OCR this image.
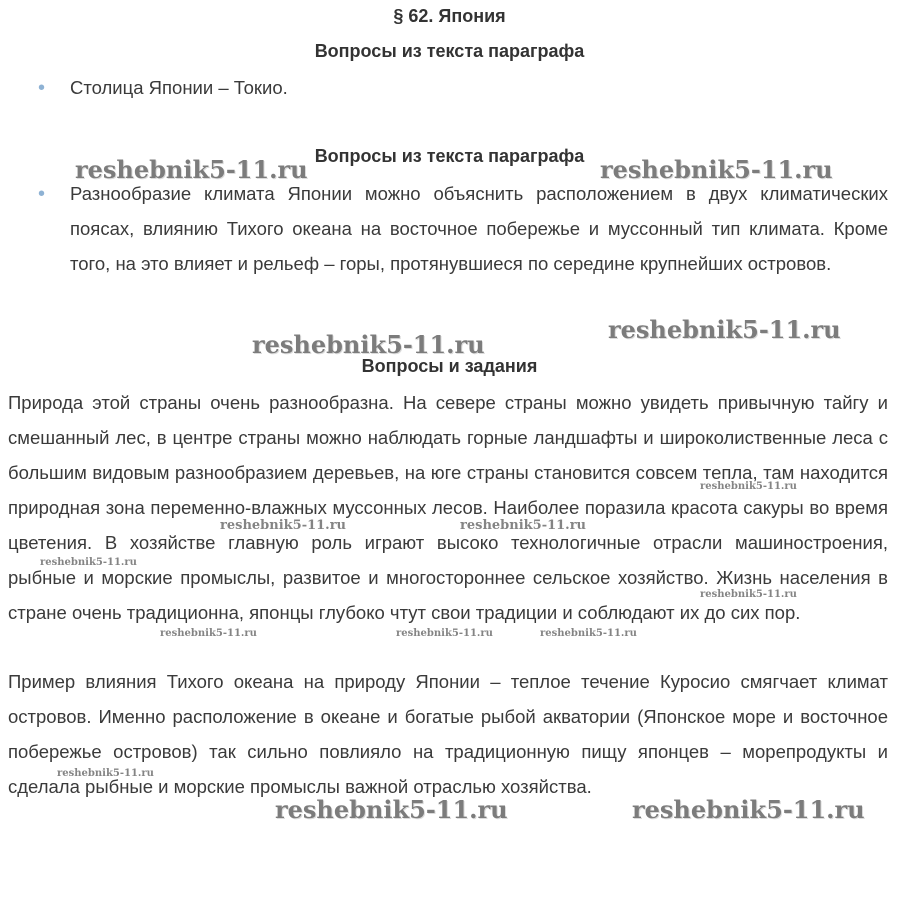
§ 62. Япония
Вопросы из текста параграфа
• Столица Японии – Токио.

Вопросы из текста параграфа
• Разнообразие климата Японии можно объяснить расположением в двух климатических поясах, влиянию Тихого океана на восточное побережье и муссонный тип климата. Кроме того, на это влияет и рельеф – горы, протянувшиеся по середине крупнейших островов.

Вопросы и задания

Природа этой страны очень разнообразна. На севере страны можно увидеть привычную тайгу и смешанный лес, в центре страны можно наблюдать горные ландшафты и широколиственные леса с большим видовым разнообразием деревьев, на юге страны становится совсем тепла, там находится природная зона переменно-влажных муссонных лесов. Наиболее поразила красота сакуры во время цветения. В хозяйстве главную роль играют высоко технологичные отрасли машиностроения, рыбные и морские промыслы, развитое и многостороннее сельское хозяйство. Жизнь населения в стране очень традиционна, японцы глубоко чтут свои традиции и соблюдают их до сих пор.

Пример влияния Тихого океана на природу Японии – теплое течение Куросио смягчает климат островов. Именно расположение в океане и богатые рыбой акватории (Японское море и восточное побережье островов) так сильно повлияло на традиционную пищу японцев – морепродукты и сделала рыбные и морские промыслы важной отраслью хозяйства.

reshebnik5-11.ru	reshebnik5-11.ru
reshebnik5-11.ru
reshebnik5-11.ru
reshebnik5-11.ru	reshebnik5-11.ru
reshebnik5-11.ru
reshebnik5-11.ru	reshebnik5-11.ru
reshebnik5-11.ru
reshebnik5-11.ru
reshebnik5-11.ru	reshebnik5-11.ru	reshebnik5-11.ru
reshebnik5-11.ru
